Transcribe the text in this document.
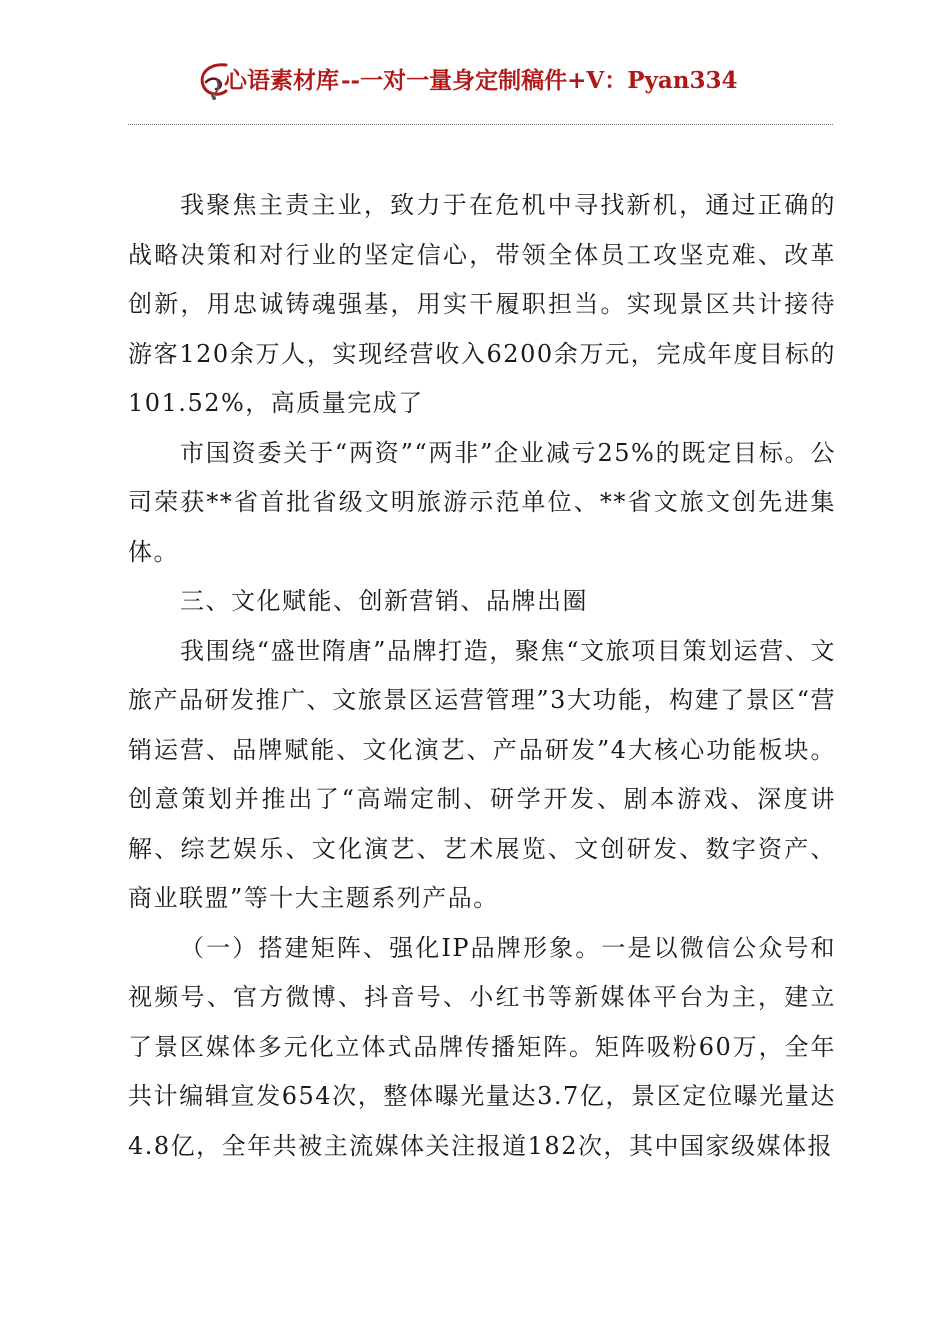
心语素材库--一对一量身定制稿件+V：Pyan334

我聚焦主责主业，致力于在危机中寻找新机，通过正确的战略决策和对行业的坚定信心，带领全体员工攻坚克难、改革创新，用忠诚铸魂强基，用实干履职担当。实现景区共计接待游客120余万人，实现经营收入6200余万元，完成年度目标的101.52%，高质量完成了

市国资委关于“两资”“两非”企业减亏25%的既定目标。公司荣获**省首批省级文明旅游示范单位、**省文旅文创先进集体。

三、文化赋能、创新营销、品牌出圈

我围绕“盛世隋唐”品牌打造，聚焦“文旅项目策划运营、文旅产品研发推广、文旅景区运营管理”3大功能，构建了景区“营销运营、品牌赋能、文化演艺、产品研发”4大核心功能板块。创意策划并推出了“高端定制、研学开发、剧本游戏、深度讲解、综艺娱乐、文化演艺、艺术展览、文创研发、数字资产、商业联盟”等十大主题系列产品。

（一）搭建矩阵、强化IP品牌形象。一是以微信公众号和视频号、官方微博、抖音号、小红书等新媒体平台为主，建立了景区媒体多元化立体式品牌传播矩阵。矩阵吸粉60万，全年共计编辑宣发654次，整体曝光量达3.7亿，景区定位曝光量达4.8亿，全年共被主流媒体关注报道182次，其中国家级媒体报
